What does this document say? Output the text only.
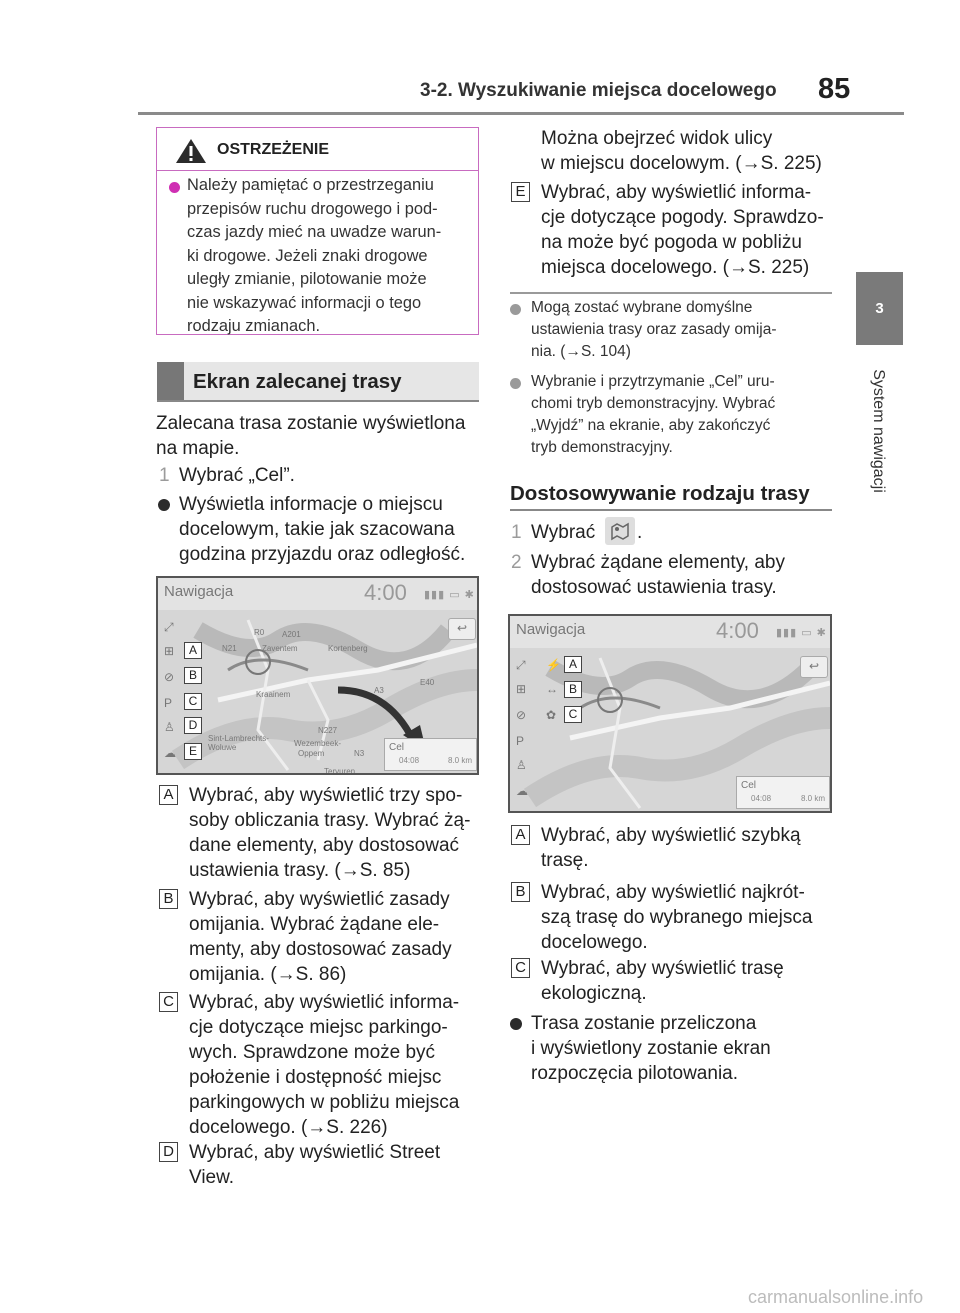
3-2. Wyszukiwanie miejsca docelowego 85
3
System nawigacji
OSTRZEŻENIE
Należy pamiętać o przestrzeganiu
przepisów ruchu drogowego i pod-
czas jazdy mieć na uwadze warun-
ki drogowe. Jeżeli znaki drogowe
uległy zmianie, pilotowanie może
nie wskazywać informacji o tego
rodzaju zmianach.
Ekran zalecanej trasy
Zalecana trasa zostanie wyświetlona
na mapie.
1 Wybrać „Cel”.
Wyświetla informacje o miejscu
docelowym, takie jak szacowana
godzina przyjazdu oraz odległość.
Nawigacja	4:00 ▮▮▮ ▭ ✱
Zaventem	Kortenberg
Kraainem
Wezembeek-
Oppem
Tervuren
Sint-Lambrechts-
Woluwe
N227
N3
A3
E40
N21
A201
R0
⤢
⊞
⊘
P
♙
☁
A
B
C
D
E
↩
Cel
04:08	8.0 km
A Wybrać, aby wyświetlić trzy spo-
soby obliczania trasy. Wybrać żą-
dane elementy, aby dostosować
ustawienia trasy. (→S. 85)
B Wybrać, aby wyświetlić zasady
omijania. Wybrać żądane ele-
menty, aby dostosować zasady
omijania. (→S. 86)
C Wybrać, aby wyświetlić informa-
cje dotyczące miejsc parkingo-
wych. Sprawdzone może być
położenie i dostępność miejsc
parkingowych w pobliżu miejsca
docelowego. (→S. 226)
D Wybrać, aby wyświetlić Street
View.
Można obejrzeć widok ulicy
w miejscu docelowym. (→S. 225)
E Wybrać, aby wyświetlić informa-
cje dotyczące pogody. Sprawdzo-
na może być pogoda w pobliżu
miejsca docelowego. (→S. 225)
Mogą zostać wybrane domyślne
ustawienia trasy oraz zasady omija-
nia. (→S. 104)
Wybranie i przytrzymanie „Cel” uru-
chomi tryb demonstracyjny. Wybrać
„Wyjdź” na ekranie, aby zakończyć
tryb demonstracyjny.
Dostosowywanie rodzaju trasy
1 Wybrać .
2 Wybrać żądane elementy, aby
dostosować ustawienia trasy.
Nawigacja	4:00 ▮▮▮ ▭ ✱
⤢
⊞
⊘
P
♙
☁
⚡
↔
✿
A
B
C
↩
Cel
04:08	8.0 km
A Wybrać, aby wyświetlić szybką
trasę.
B Wybrać, aby wyświetlić najkrót-
szą trasę do wybranego miejsca
docelowego.
C Wybrać, aby wyświetlić trasę
ekologiczną.
Trasa zostanie przeliczona
i wyświetlony zostanie ekran
rozpoczęcia pilotowania.
carmanualsonline.info
